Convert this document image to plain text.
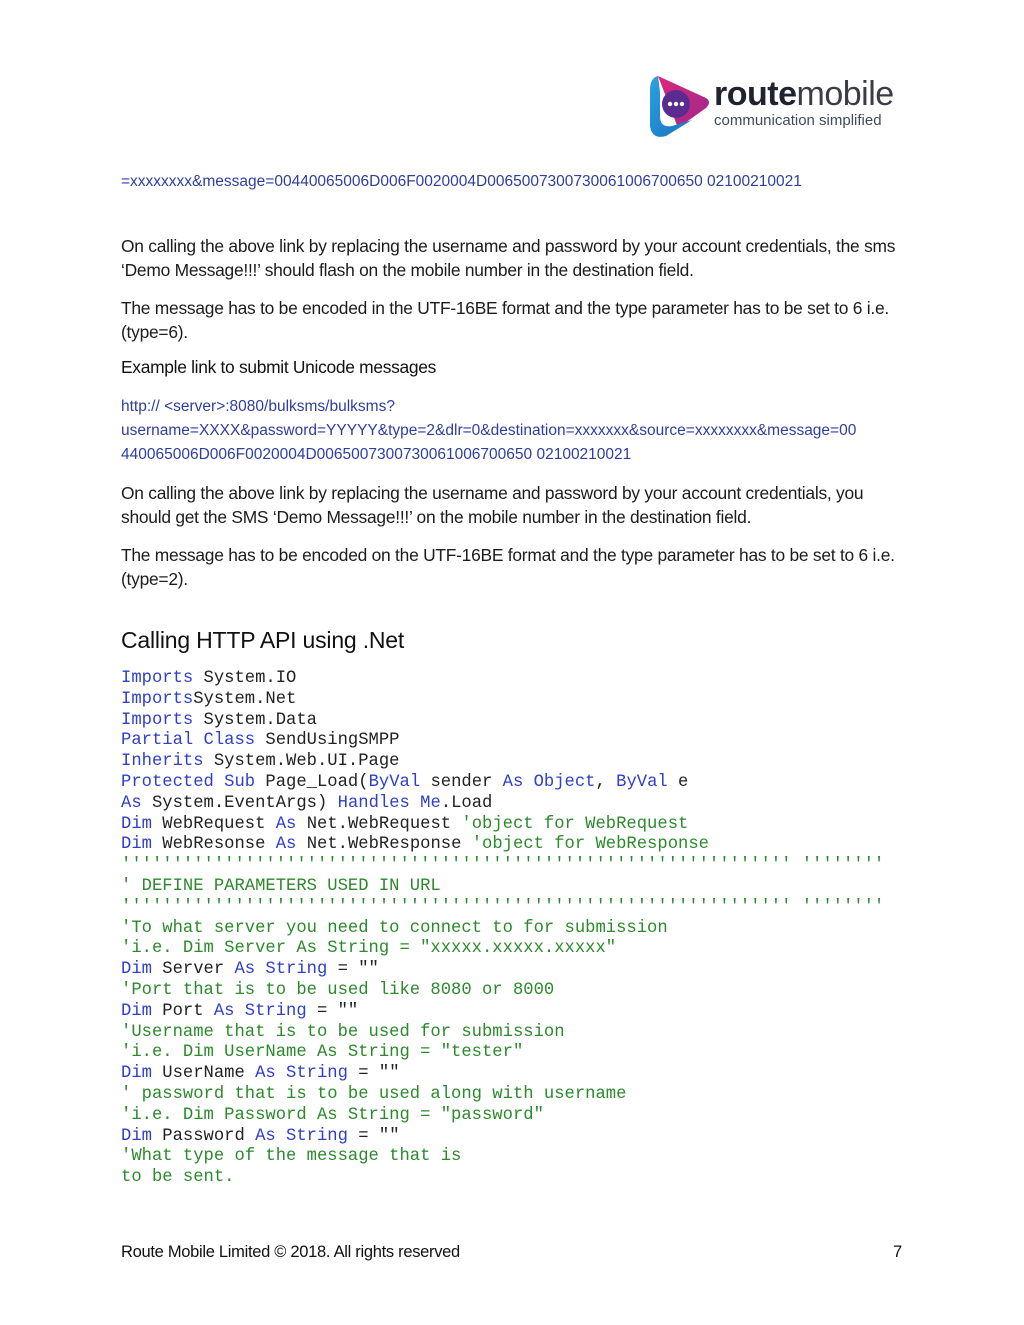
routemobile
communication simplified
=xxxxxxxx&message=00440065006D006F0020004D0065007300730061006700650 02100210021
On calling the above link by replacing the username and password by your account credentials, the sms ‘Demo Message!!!’ should flash on the mobile number in the destination field.
The message has to be encoded in the UTF-16BE format and the type parameter has to be set to 6 i.e. (type=6).
Example link to submit Unicode messages
http:// <server>:8080/bulksms/bulksms?
username=XXXX&password=YYYYY&type=2&dlr=0&destination=xxxxxxx&source=xxxxxxxx&message=00
440065006D006F0020004D0065007300730061006700650 02100210021
On calling the above link by replacing the username and password by your account credentials, you should get the SMS ‘Demo Message!!!’ on the mobile number in the destination field.
The message has to be encoded on the UTF-16BE format and the type parameter has to be set to 6 i.e. (type=2).
Calling HTTP API using .Net
Imports System.IO
ImportsSystem.Net
Imports System.Data
Partial Class SendUsingSMPP
Inherits System.Web.UI.Page
Protected Sub Page_Load(ByVal sender As Object, ByVal e
As System.EventArgs) Handles Me.Load
Dim WebRequest As Net.WebRequest 'object for WebRequest
Dim WebResonse As Net.WebResponse 'object for WebResponse
''''''''''''''''''''''''''''''''''''''''''''''''''''''''''''''''' ''''''''
' DEFINE PARAMETERS USED IN URL
''''''''''''''''''''''''''''''''''''''''''''''''''''''''''''''''' ''''''''
'To what server you need to connect to for submission
'i.e. Dim Server As String = "xxxxx.xxxxx.xxxxx"
Dim Server As String = ""
'Port that is to be used like 8080 or 8000
Dim Port As String = ""
'Username that is to be used for submission
'i.e. Dim UserName As String = "tester"
Dim UserName As String = ""
' password that is to be used along with username
'i.e. Dim Password As String = "password"
Dim Password As String = ""
'What type of the message that is
to be sent.
Route Mobile Limited © 2018. All rights reserved	7
